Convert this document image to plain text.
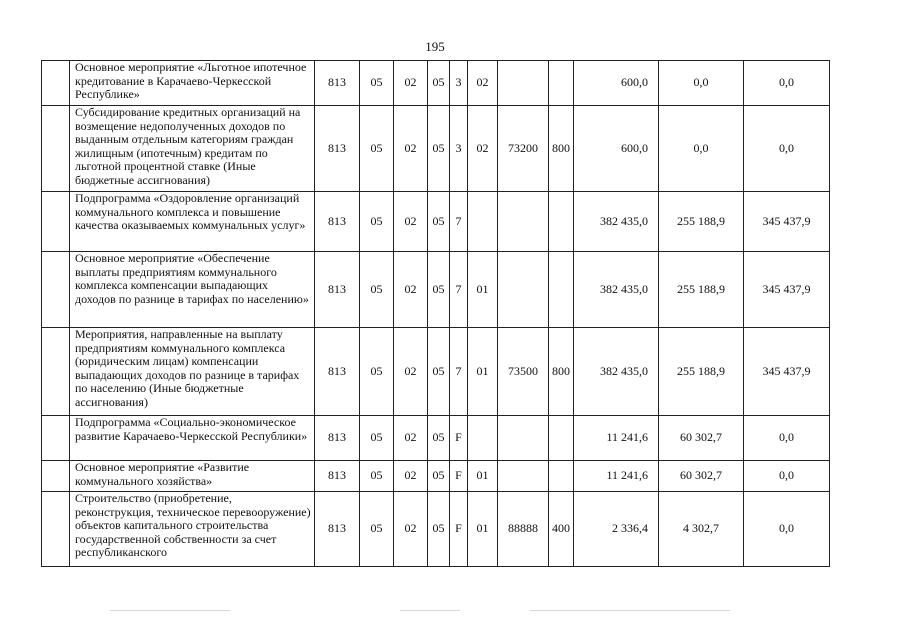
195
	Основное мероприятие «Льготное ипотечное кредитование в Карачаево-Черкесской Республике»	813	05	02	05	3	02			600,0	0,0	0,0
	Субсидирование кредитных организаций на возмещение недополученных доходов по выданным отдельным категориям граждан жилищным (ипотечным) кредитам по льготной процентной ставке (Иные бюджетные ассигнования)	813	05	02	05	3	02	73200	800	600,0	0,0	0,0
	Подпрограмма «Оздоровление организаций коммунального комплекса и повышение качества оказываемых коммунальных услуг»	813	05	02	05	7				382 435,0	255 188,9	345 437,9
	Основное мероприятие «Обеспечение выплаты предприятиям коммунального комплекса компенсации выпадающих доходов по разнице в тарифах по населению»	813	05	02	05	7	01			382 435,0	255 188,9	345 437,9
	Мероприятия, направленные на выплату предприятиям коммунального комплекса (юридическим лицам) компенсации выпадающих доходов по разнице в тарифах по населению (Иные бюджетные ассигнования)	813	05	02	05	7	01	73500	800	382 435,0	255 188,9	345 437,9
	Подпрограмма «Социально-экономическое развитие Карачаево-Черкесской Республики»	813	05	02	05	F				11 241,6	60 302,7	0,0
	Основное мероприятие «Развитие коммунального хозяйства»	813	05	02	05	F	01			11 241,6	60 302,7	0,0
	Строительство (приобретение, реконструкция, техническое перевооружение) объектов капитального строительства государственной собственности за счет республиканского	813	05	02	05	F	01	88888	400	2 336,4	4 302,7	0,0
